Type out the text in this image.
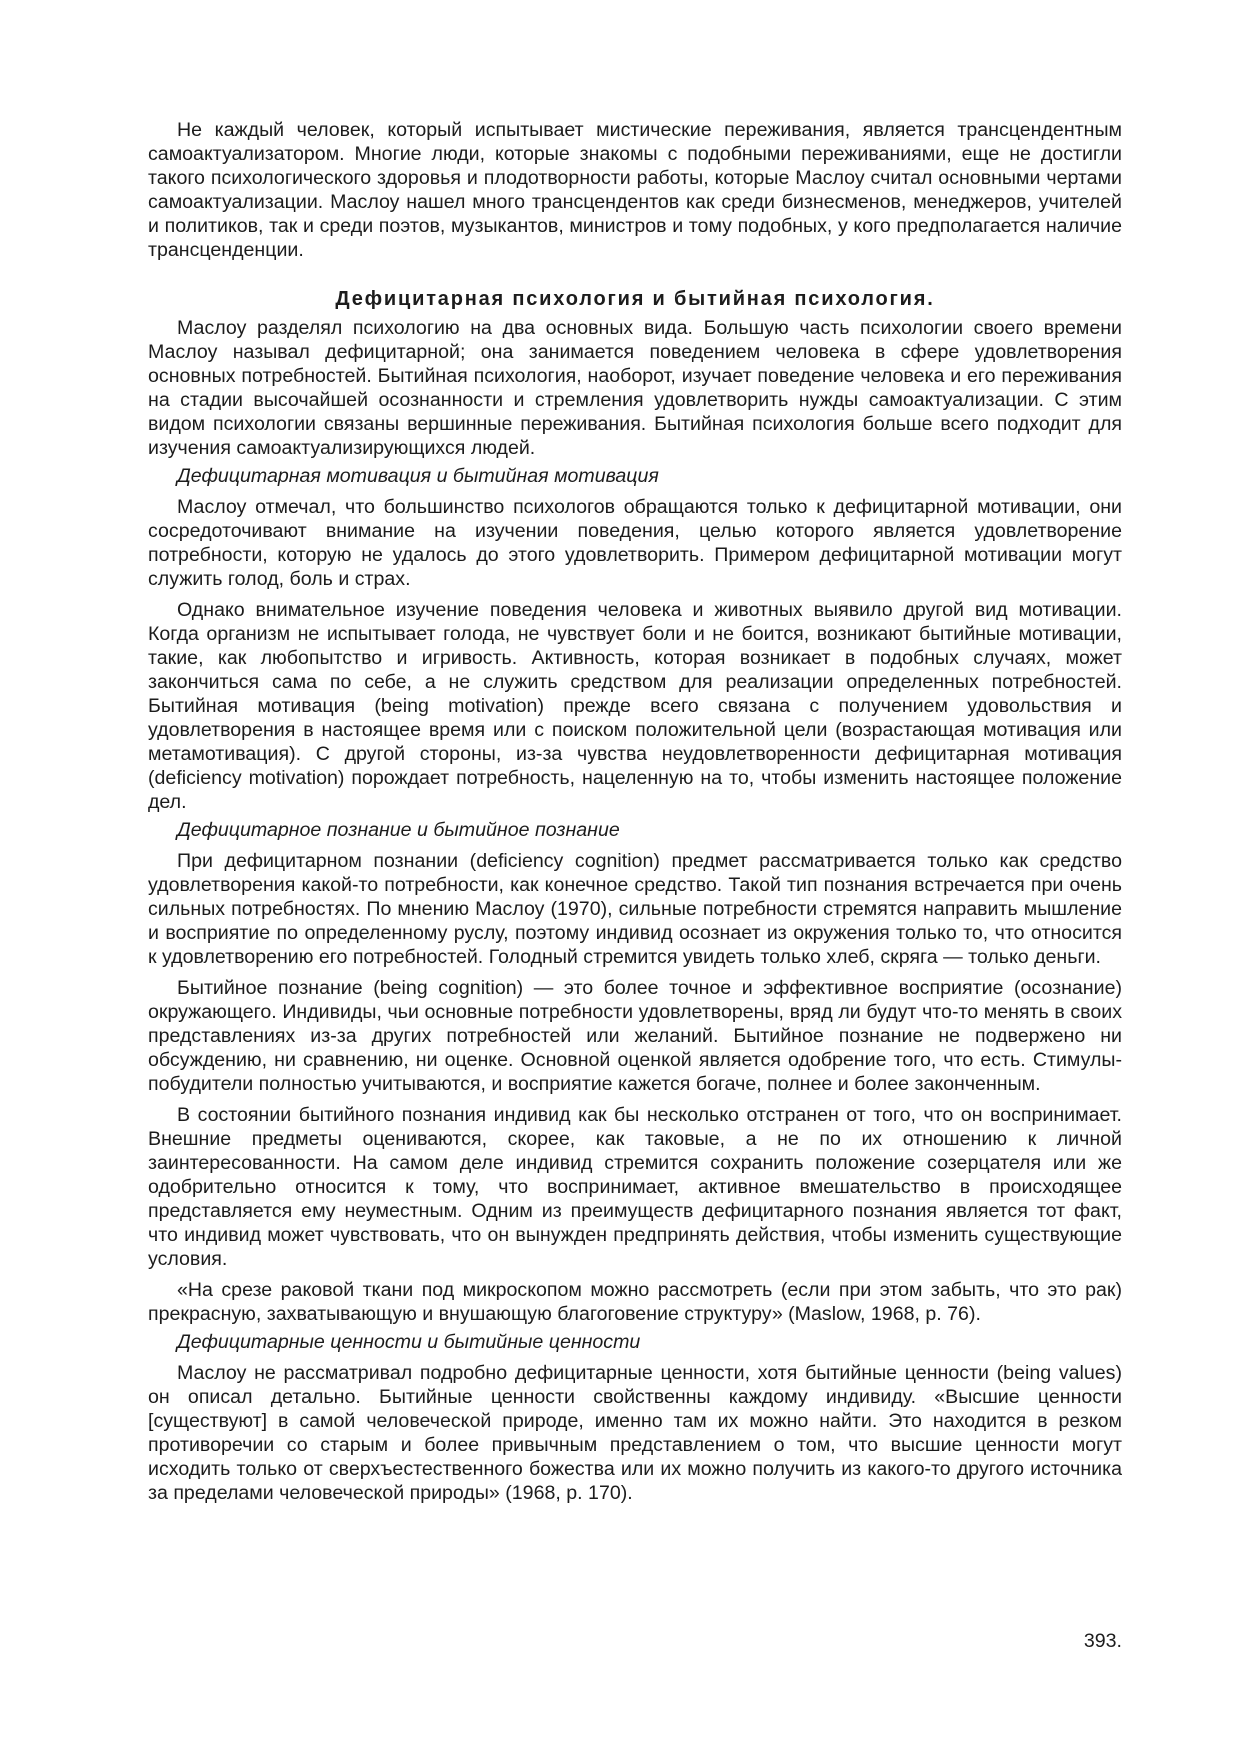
Не каждый человек, который испытывает мистические переживания, является трансцендентным самоактуализатором. Многие люди, которые знакомы с подобными переживаниями, еще не достигли такого психологического здоровья и плодотворности работы, которые Маслоу считал основными чертами самоактуализации. Маслоу нашел много трансцендентов как среди бизнесменов, менеджеров, учителей и политиков, так и среди поэтов, музыкантов, министров и тому подобных, у кого предполагается наличие трансценденции.

Дефицитарная психология и бытийная психология.

Маслоу разделял психологию на два основных вида. Большую часть психологии своего времени Маслоу называл дефицитарной; она занимается поведением человека в сфере удовлетворения основных потребностей. Бытийная психология, наоборот, изучает поведение человека и его переживания на стадии высочайшей осознанности и стремления удовлетворить нужды самоактуализации. С этим видом психологии связаны вершинные переживания. Бытийная психология больше всего подходит для изучения самоактуализирующихся людей.

Дефицитарная мотивация и бытийная мотивация

Маслоу отмечал, что большинство психологов обращаются только к дефицитарной мотивации, они сосредоточивают внимание на изучении поведения, целью которого является удовлетворение потребности, которую не удалось до этого удовлетворить. Примером дефицитарной мотивации могут служить голод, боль и страх.

Однако внимательное изучение поведения человека и животных выявило другой вид мотивации. Когда организм не испытывает голода, не чувствует боли и не боится, возникают бытийные мотивации, такие, как любопытство и игривость. Активность, которая возникает в подобных случаях, может закончиться сама по себе, а не служить средством для реализации определенных потребностей. Бытийная мотивация (being motivation) прежде всего связана с получением удовольствия и удовлетворения в настоящее время или с поиском положительной цели (возрастающая мотивация или метамотивация). С другой стороны, из-за чувства неудовлетворенности дефицитарная мотивация (deficiency motivation) порождает потребность, нацеленную на то, чтобы изменить настоящее положение дел.

Дефицитарное познание и бытийное познание

При дефицитарном познании (deficiency cognition) предмет рассматривается только как средство удовлетворения какой-то потребности, как конечное средство. Такой тип познания встречается при очень сильных потребностях. По мнению Маслоу (1970), сильные потребности стремятся направить мышление и восприятие по определенному руслу, поэтому индивид осознает из окружения только то, что относится к удовлетворению его потребностей. Голодный стремится увидеть только хлеб, скряга — только деньги.

Бытийное познание (being cognition) — это более точное и эффективное восприятие (осознание) окружающего. Индивиды, чьи основные потребности удовлетворены, вряд ли будут что-то менять в своих представлениях из-за других потребностей или желаний. Бытийное познание не подвержено ни обсуждению, ни сравнению, ни оценке. Основной оценкой является одобрение того, что есть. Стимулы-побудители полностью учитываются, и восприятие кажется богаче, полнее и более законченным.

В состоянии бытийного познания индивид как бы несколько отстранен от того, что он воспринимает. Внешние предметы оцениваются, скорее, как таковые, а не по их отношению к личной заинтересованности. На самом деле индивид стремится сохранить положение созерцателя или же одобрительно относится к тому, что воспринимает, активное вмешательство в происходящее представляется ему неуместным. Одним из преимуществ дефицитарного познания является тот факт, что индивид может чувствовать, что он вынужден предпринять действия, чтобы изменить существующие условия.

«На срезе раковой ткани под микроскопом можно рассмотреть (если при этом забыть, что это рак) прекрасную, захватывающую и внушающую благоговение структуру» (Maslow, 1968, p. 76).

Дефицитарные ценности и бытийные ценности

Маслоу не рассматривал подробно дефицитарные ценности, хотя бытийные ценности (being values) он описал детально. Бытийные ценности свойственны каждому индивиду. «Высшие ценности [существуют] в самой человеческой природе, именно там их можно найти. Это находится в резком противоречии со старым и более привычным представлением о том, что высшие ценности могут исходить только от сверхъестественного божества или их можно получить из какого-то другого источника за пределами человеческой природы» (1968, p. 170).

393.
